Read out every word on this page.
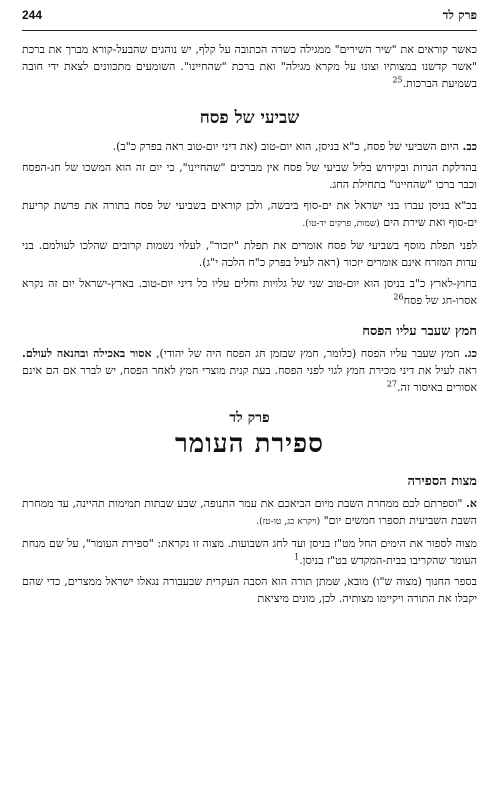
פרק לד
244

כאשר קוראים את "שיר השירים" ממגילה כשרה הכתובה על קלף, יש נוהגים שהבעל-קורא מברך את ברכת "אשר קדשנו במצותיו וצונו על מקרא מגילה" ואת ברכת "שהחיינו". השומעים מתכוונים לצאת ידי חובה בשמיעת הברכות.$^{25}$

שביעי של פסח

כב. היום השביעי של פסח, כ"א בניסן, הוא יום-טוב (את דיני יום-טוב ראה בפרק כ"ב).

בהדלקת הנרות ובקידוש בליל שביעי של פסח אין מברכים "שהחיינו", כי יום זה הוא המשכו של חג-הפסח וכבר ברכו "שהחיינו" בתחילת החג.

בכ"א בניסן עברו בני ישראל את ים-סוף ביבשה, ולכן קוראים בשביעי של פסח בתורה את פרשת קריעת ים-סוף ואת שירת הים (שמות, פרקים יד-טו).

לפני תפלת מוסף בשביעי של פסח אומרים את תפלת "יזכור", לעלוי נשמות קרובים שהלכו לעולמם. בני עדות המזרח אינם אומרים יזכור (ראה לעיל בפרק כ"ח הלכה י"ג).

בחוץ-לארץ כ"ב בניסן הוא יום-טוב שני של גלויות וחלים עליו כל דיני יום-טוב. בארץ-ישראל יום זה נקרא אסרו-חג של פסח$^{26}$

חמץ שעבר עליו הפסח

כג. חמץ שעבר עליו הפסח (כלומר, חמץ שבזמן חג הפסח היה של יהודי), אסור באכילה ובהנאה לעולם. ראה לעיל את דיני מכירת חמץ לגוי לפני הפסח. בעת קנית מוצרי חמץ לאחר הפסח, יש לברר אם הם אינם אסורים באיסור זה.$^{27}$

פרק לד
ספירת העומר
מצות הספירה

א. "וספרתם לכם ממחרת השבת מיום הביאכם את עמר התנופה, שבע שבתות תמימות תהיינה, עד ממחרת השבת השביעית תספרו חמשים יום" (ויקרא כג, טו-טז).

מצוה לספור את הימים החל מט"ז בניסן ועד לחג השבועות. מצוה זו נקראת: "ספירת העומר", על שם מנחת העומר שהקריבו בבית-המקדש בט"ז בניסן.$^1$

בספר החנוך (מצוה ש"ו) מובא, שמתן תורה הוא הסבה העקרית שבעבורה נגאלו ישראל ממצרים, כדי שהם יקבלו את התורה ויקיימו מצותיה. לכן, מונים מיציאת
